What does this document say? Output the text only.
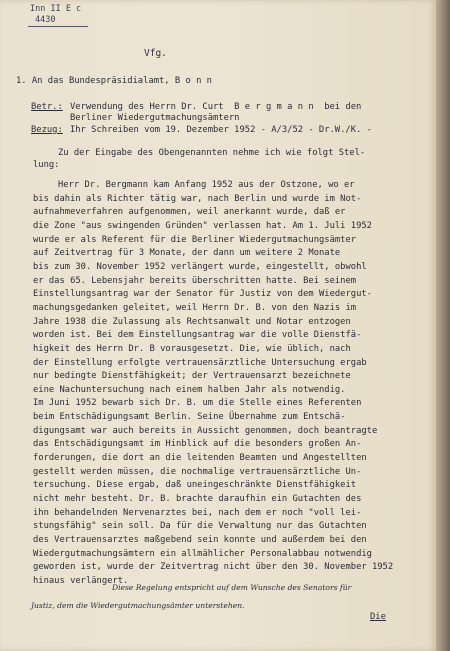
Inn II E c
4430
Vfg.
1. An das Bundespräsidialamt, B o n n
Betr.: Verwendung des Herrn Dr. Curt  B e r g m a n n  bei den
Berliner Wiedergutmachungsämtern
Bezug: Ihr Schreiben vom 19. Dezember 1952 - A/3/52 - Dr.W./K. -
Zu der Eingabe des Obengenannten nehme ich wie folgt Stel-
lung:
Herr Dr. Bergmann kam Anfang 1952 aus der Ostzone, wo er
bis dahin als Richter tätig war, nach Berlin und wurde im Not-
aufnahmeverfahren aufgenommen, weil anerkannt wurde, daß er
die Zone "aus swingenden Gründen" verlassen hat. Am 1. Juli 1952
wurde er als Referent für die Berliner Wiedergutmachungsämter
auf Zeitvertrag für 3 Monate, der dann um weitere 2 Monate
bis zum 30. November 1952 verlängert wurde, eingestellt, obwohl
er das 65. Lebensjahr bereits überschritten hatte. Bei seinem
Einstellungsantrag war der Senator für Justiz von dem Wiedergut-
machungsgedanken geleitet, weil Herrn Dr. B. von den Nazis im
Jahre 1938 die Zulassung als Rechtsanwalt und Notar entzogen
worden ist. Bei dem Einstellungsantrag war die volle Dienstfä-
higkeit des Herrn Dr. B vorausgesetzt. Die, wie üblich, nach
der Einstellung erfolgte vertrauensärztliche Untersuchung ergab
nur bedingte Dienstfähigkeit; der Vertrauensarzt bezeichnete
eine Nachuntersuchung nach einem halben Jahr als notwendig.
Im Juni 1952 bewarb sich Dr. B. um die Stelle eines Referenten
beim Entschädigungsamt Berlin. Seine Übernahme zum Entschä-
digungsamt war auch bereits in Aussicht genommen, doch beantragte
das Entschädigungsamt im Hinblick auf die besonders großen An-
forderungen, die dort an die leitenden Beamten und Angestellten
gestellt werden müssen, die nochmalige vertrauensärztliche Un-
tersuchung. Diese ergab, daß uneingeschränkte Dienstfähigkeit
nicht mehr besteht. Dr. B. brachte daraufhin ein Gutachten des
ihn behandelnden Nervenarztes bei, nach dem er noch "voll lei-
stungsfähig" sein soll. Da für die Verwaltung nur das Gutachten
des Vertrauensarztes maßgebend sein konnte und außerdem bei den
Wiedergutmachungsämtern ein allmählicher Personalabbau notwendig
geworden ist, wurde der Zeitvertrag nicht über den 30. November 1952
hinaus verlängert.
Diese Regelung entspricht auf dem Wunsche des Senators für
Justiz, dem die Wiedergutmachungsämter unterstehen.
Die
